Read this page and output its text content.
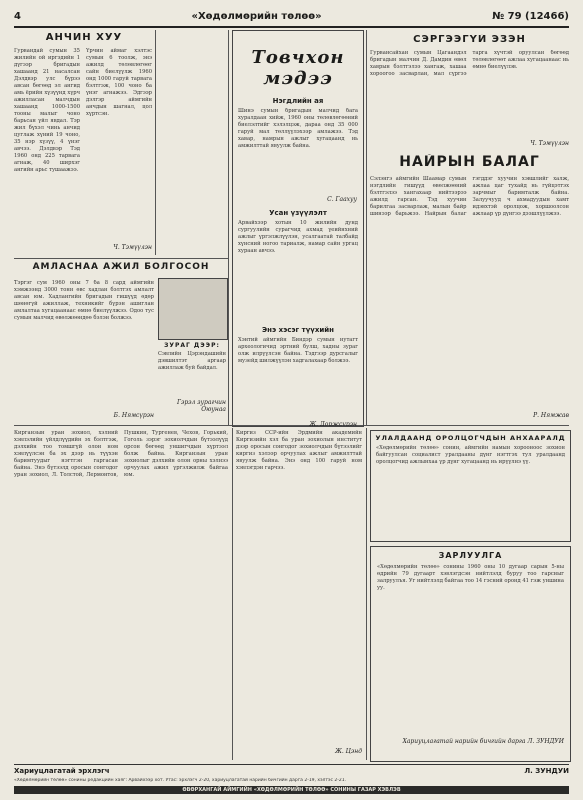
4	«Хөдөлмөрийн төлөө»	№ 79 (12466)
АНЧИН ХУУ
Гурвандай сумын 35 жилийн ой иргэдийн 1 дүгээр бригадын хашаанд 21 насалсан Дэлдвэр улс бүрээ авсан бөгөөд эл ангид амь ёрийн хүзүүнд хүрч ажилласан малчдын хашаанд 1000-1500 тооны малыг чоно барьсан үйл явдал. Тэр жил бүхэл чинь анчид цуглаж хүний 19 чоно, 35 нэр хүзүү, 4 үнэг авчээ. Дэлдвэр Тэд 1960 онд 225 тарвага агнаж, 40 ширхэг ангийн арьс тушаажээ.
Үрчин аймаг хэлтэс сумын 6 тоолж, энэ ажилд төлөвлөгөөг сайн биелүүлж 1960 онд 1000 гаруй тарвага бэлтгэж, 100 чоно ба үнэг агнажээ. Эдгээр дэлгэр аймгийн анчдын шагнал, цол хүртсэн.
Ч. Тэмүүлэн
АМЛАСНАА АЖИЛ БОЛГОСОН
Тэргэг сум 1960 оны 7 ба 8 сард аймгийн хэмжээнд 3000 тонн өвс хадлан бэлтгэх амлалт авсан юм. Хадлангийн бригадын гишүүд өдөр шөнөгүй ажиллаж, техникийг бүрэн ашиглан амлалтаа хугацаанаас өмнө биелүүлжээ. Одоо тус сумын малчид өвөлжөөндөө бэлэн болжээ.
Б. Нямсүрэн
Товчхон мэдээ
Нэгдлийн ая
Шинэ сумын бригадын малчид бага хуралдаан хийж, 1960 оны төлөвлөгөөний биелэлтийг хэлэлцэж, дараа онд 35 000 гаруй мал төллүүлэхээр амлажээ. Тэд хавар, намрын ажлыг хугацаанд нь амжилттай явуулж байна.
С. Гаахуу
Усан үзүүлэлт
Арвайхээр хотын 10 жилийн дунд сургуулийн сурагчид ахмад үеийнхний ажлыг үргэлжлүүлэн, усалгаатай талбайд хүнсний ногоо тариалж, намар сайн ургац хураан авчээ.
Энэ хэсэг түүхийн
Хэнтий аймгийн Биндэр сумын нутагт археологичид эртний булш, хадны зураг олж илрүүлсэн байна. Тэдгээр дурсгалыг музейд шилжүүлэн хадгалахаар болжээ.
Ж. Доржсүрэн
СЭРГЭЭГҮЙ ЭЗЭН
Гурвансайхан сумын Цагаандэл бригадын малчин Д. Дамдин өвөл хаврын бэлтгэлээ хангаж, хашаа хороогоо засварлан, мал сүргээ тарга хүчтэй оруулсан бөгөөд төлөвлөгөөт ажлаа хугацаанаас нь өмнө биелүүлэв.
Ч. Тэмүүлэн
НАЙРЫН БАЛАГ
Сэлэнгэ аймгийн Шаамар сумын нэгдлийн гишүүд өвөлжөөний бэлтгэлээ хангахаар нийтээрээ ажилд гарсан. Тэд хуучин барилгаа засварлаж, малын байр шинээр барьжээ. Найрын балаг гэгддэг хуучин хэвшлийг халж, ажлаа цаг тухайд нь гүйцэтгэх зарчмыг баримталж байна. Залуучууд ч ахмадуудын хамт идэвхтэй оролцож, хоршоолсон ажлаар үр дүнгээ дээшлүүлжээ.
Р. Нямжав
ЗУРАГ ДЭЭР:
Сэвлийн Цэрэндашийн дэвшилтэт аргаар ажиллаж буй байдал.
Гэрэл зурагчин Оюунаа
Кирганзын уран зохиол, хэлний хэвлэлийн үйлдлүүдийн эх бэлтгэж, дэлхийн тоо томшгүй олон ном хэвлүүлсэн ба эх дээр нь түүхэн баримтуудыг нэгтгэн гаргасан байна. Энэ бүтээлд оросын сонгодог уран зохиол, Л. Толстой, Лермонтов, Пушкин, Тургенев, Чехов, Горький, Гоголь зэрэг зохиолчдын бүтээлүүд орсон бөгөөд уншигчдын хүртээл болж байна. Кирганзын уран зохиолыг дэлхийн олон орны хэлнээ орчуулах ажил үргэлжилж байгаа юм.
Киргиз ССР-ийн Эрдмийн академийн Киргизийн хэл ба уран зохиолын институт дээр оросын сонгодог зохиолчдын бүтээлийг киргиз хэлээр орчуулах ажлыг амжилттай явуулж байна. Энэ онд 100 гаруй ном хэвлэгдэн гарчээ.
Ж. Цэнд
УЛАЛДААНД ОРОЛЦОГЧДЫН АНХААРАЛД
«Хөдөлмөрийн төлөө» сонин, аймгийн намын хорооноос зохион байгуулсан социалист уралдааны дүнг нэгтгэх тул уралдаанд оролцогчид ажлынхаа үр дүнг хугацаанд нь ирүүлнэ үү.
ЗАРЛУУЛГА
«Хөдөлмөрийн төлөө» сонины 1960 оны 10 дугаар сарын 5-ны өдрийн 79 дугаарт хэвлэгдсэн нийтлэлд буруу тоо гарсныг залруулъя. Уг нийтлэлд байгаа тоо 14 гэсний оронд 41 гэж уншина уу.
Хариуцлагатай нарийн бичгийн дарга Л. ЗУНДУИ
Хариуцлагатай эрхлэгч	Л. ЗУНДУИ
«Хөдөлмөрийн төлөө» сонины редакцийн хаяг: Арвайхээр хот. Утас: эрхлэгч 2-20, хариуцлагатай нарийн бичгийн дарга 2-19, хэлтэс 2-21.
ӨВӨРХАНГАЙ АЙМГИЙН «ХӨДӨЛМӨРИЙН ТӨЛӨӨ» СОНИНЫ ГАЗАР ХЭВЛЭВ
